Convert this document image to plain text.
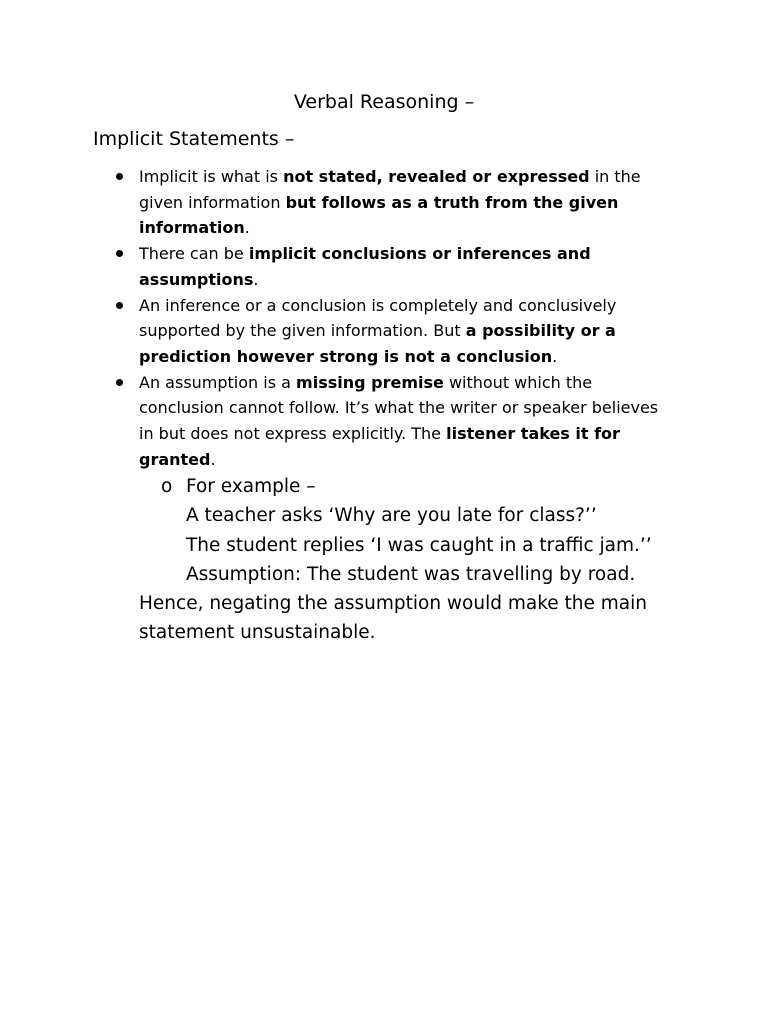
Verbal Reasoning –
Implicit Statements –
Implicit is what is not stated, revealed or expressed in the given information but follows as a truth from the given information.
There can be implicit conclusions or inferences and assumptions.
An inference or a conclusion is completely and conclusively supported by the given information. But a possibility or a prediction however strong is not a conclusion.
An assumption is a missing premise without which the conclusion cannot follow. It’s what the writer or speaker believes in but does not express explicitly. The listener takes it for granted.
o For example –
A teacher asks ‘Why are you late for class?’’
The student replies ‘I was caught in a traffic jam.’’
Assumption: The student was travelling by road.
Hence, negating the assumption would make the main statement unsustainable.
